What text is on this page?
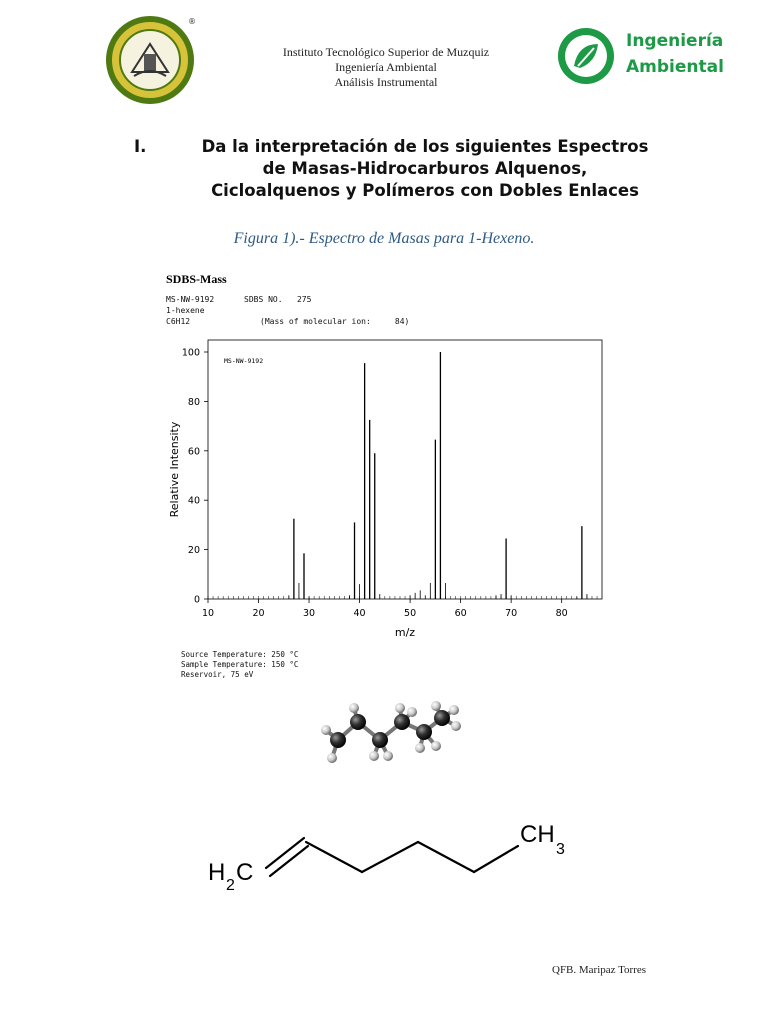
®
Instituto Tecnológico Superior de Muzquiz
Ingeniería Ambiental
Análisis Instrumental
Ingeniería
Ambiental
I.	Da la interpretación de los siguientes Espectros
de Masas-Hidrocarburos Alquenos,
Cicloalquenos y Polímeros con Dobles Enlaces
Figura 1).- Espectro de Masas para 1-Hexeno.
SDBS-Mass
MS-NW-9192	SDBS NO. 275
1-hexene
C6H12	(Mass of molecular ion:	84)
10	20	30	40	50	60	70	80
0
20
40
60
80
100
MS-NW-9192
m/z
Relative Intensity
Source Temperature: 250 °C
Sample Temperature: 150 °C
Reservoir, 75 eV
H 2 C
CH
3
QFB. Maripaz Torres
